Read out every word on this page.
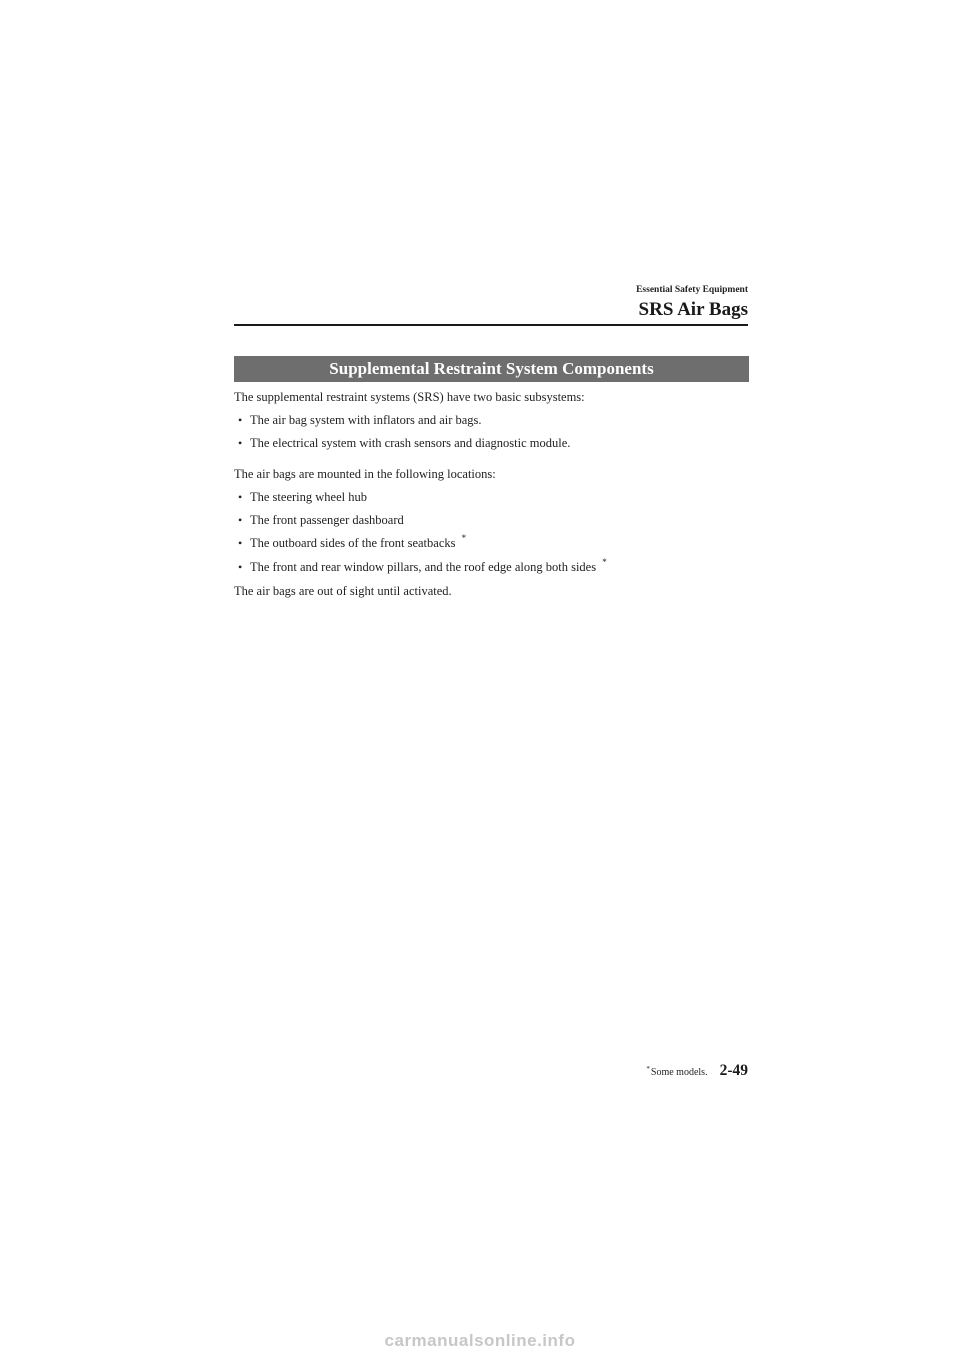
Essential Safety Equipment
SRS Air Bags
Supplemental Restraint System Components

The supplemental restraint systems (SRS) have two basic subsystems:

• The air bag system with inflators and air bags.
• The electrical system with crash sensors and diagnostic module.

The air bags are mounted in the following locations:

• The steering wheel hub
• The front passenger dashboard
• The outboard sides of the front seatbacks *
• The front and rear window pillars, and the roof edge along both sides *

The air bags are out of sight until activated.

*Some models. 2-49
carmanualsonline.info
